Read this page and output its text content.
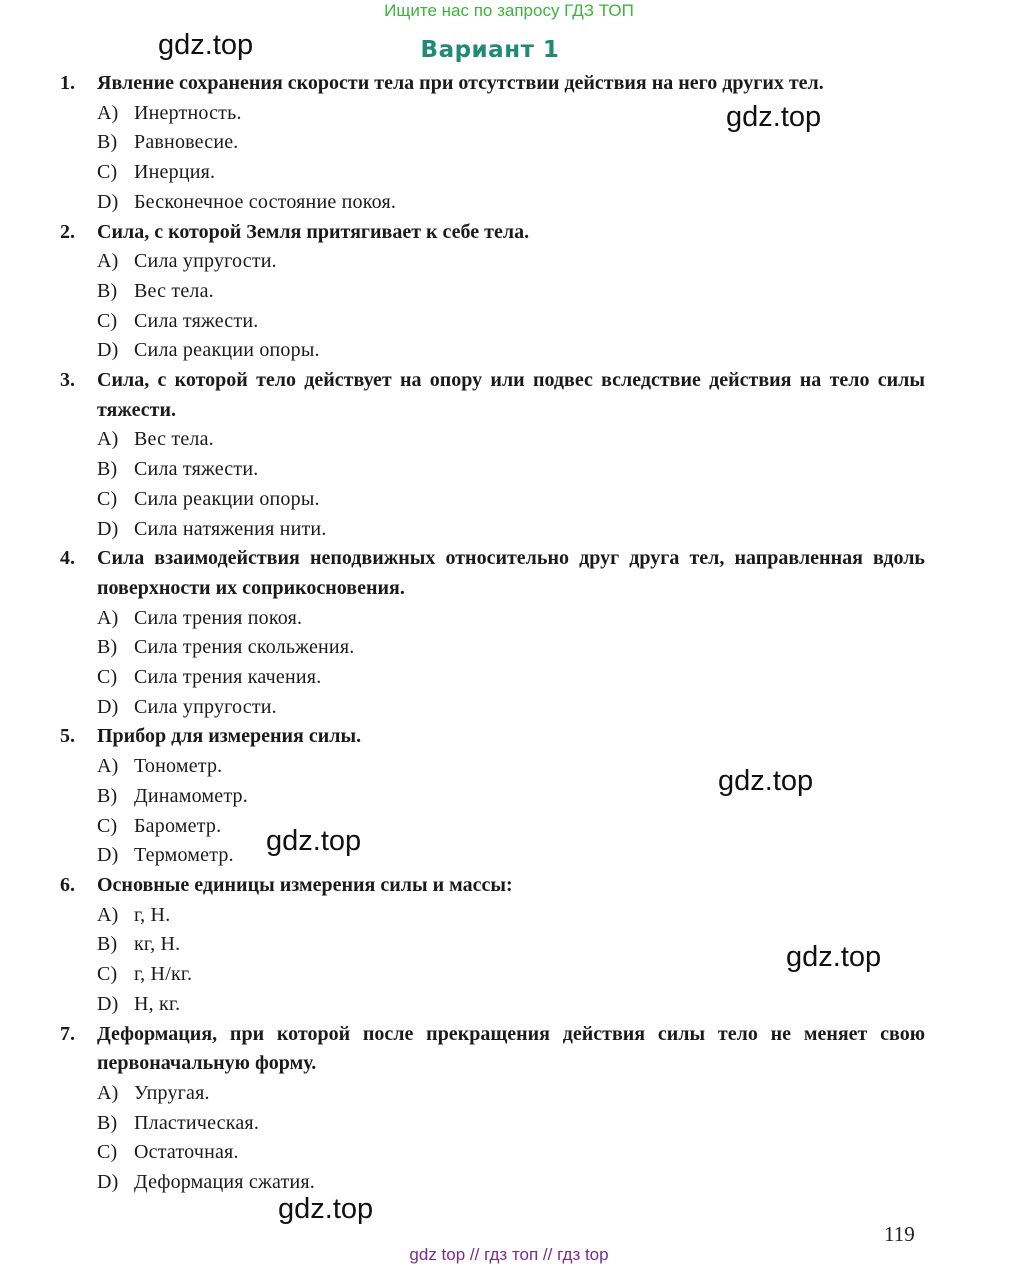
Ищите нас по запросу ГДЗ ТОП
Вариант 1
gdz.top
gdz.top
gdz.top
gdz.top
gdz.top
gdz.top
1.	Явление сохранения скорости тела при отсутствии действия на него других тел.
A) Инертность.
B) Равновесие.
C) Инерция.
D) Бесконечное состояние покоя.
2.	Сила, с которой Земля притягивает к себе тела.
A) Сила упругости.
B) Вес тела.
C) Сила тяжести.
D) Сила реакции опоры.
3.	Сила, с которой тело действует на опору или подвес вследствие действия на тело силы тяжести.
A) Вес тела.
B) Сила тяжести.
C) Сила реакции опоры.
D) Сила натяжения нити.
4.	Сила взаимодействия неподвижных относительно друг друга тел, направленная вдоль поверхности их соприкосновения.
A) Сила трения покоя.
B) Сила трения скольжения.
C) Сила трения качения.
D) Сила упругости.
5.	Прибор для измерения силы.
A) Тонометр.
B) Динамометр.
C) Барометр.
D) Термометр.
6.	Основные единицы измерения силы и массы:
A) г, Н.
B) кг, Н.
C) г, Н/кг.
D) Н, кг.
7.	Деформация, при которой после прекращения действия силы тело не меняет свою первоначальную форму.
A) Упругая.
B) Пластическая.
C) Остаточная.
D) Деформация сжатия.
119
gdz top // гдз топ // гдз top
